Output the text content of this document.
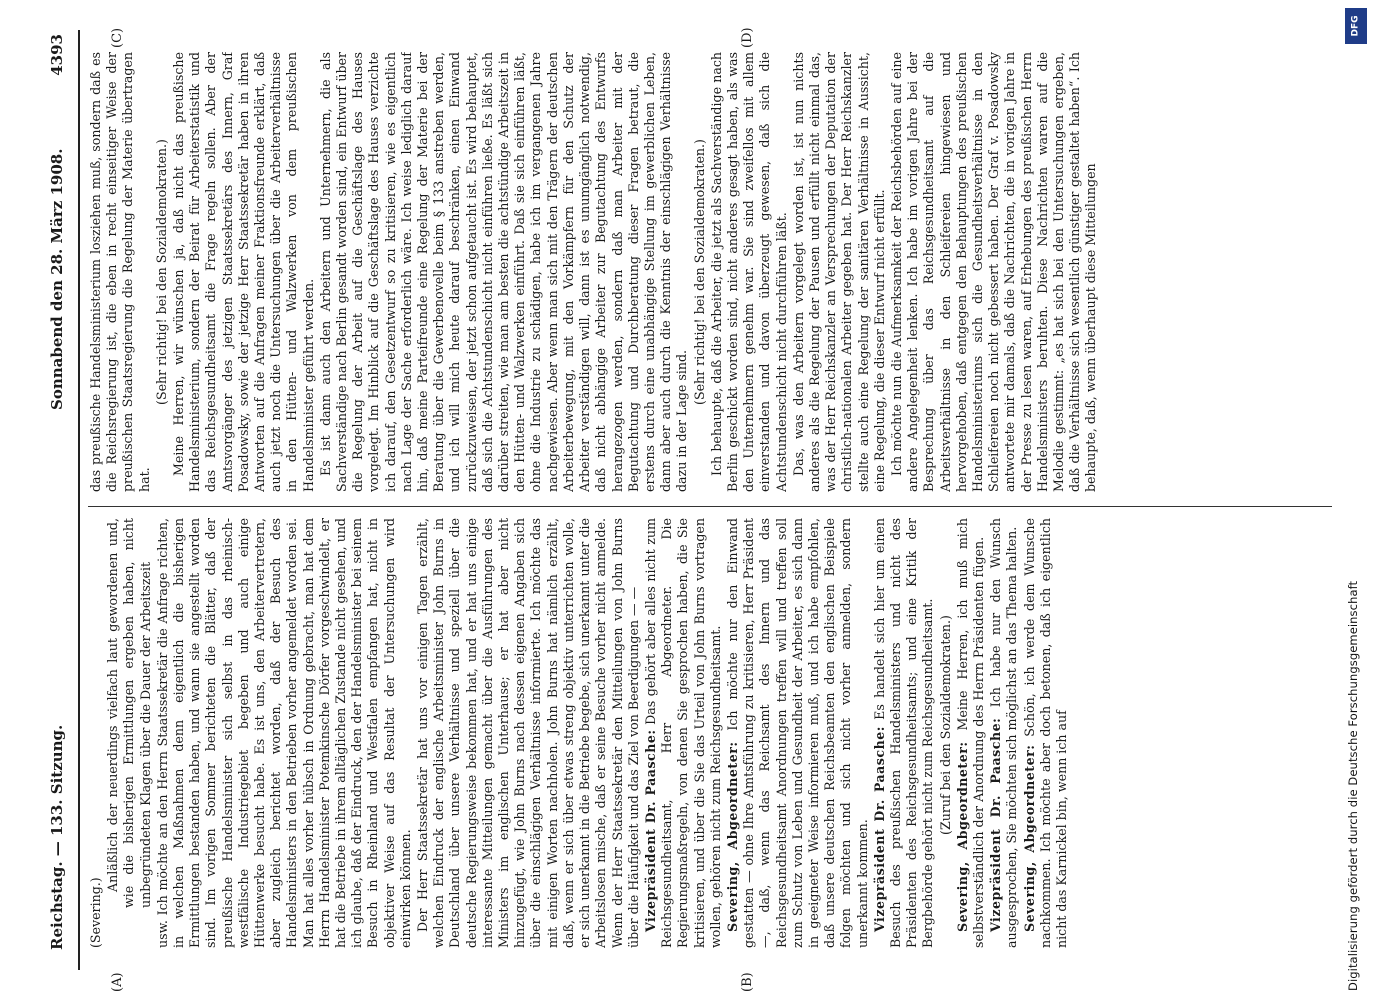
Reichstag. — 133. Sitzung.
Sonnabend den 28. März 1908.
4393
(A)	(B)
(C)	(D)

(Severing.)

Anläßlich der neuerdings vielfach laut gewordenen und, wie die bisherigen Ermittlungen ergeben haben, nicht unbegründeten Klagen über die Dauer der Arbeitszeit usw. Ich möchte an den Herrn Staatssekretär die Anfrage richten, in welchen Maßnahmen denn eigentlich die bisherigen Ermittlungen bestanden haben, und wann sie angestellt worden sind. Im vorigen Sommer berichteten die Blätter, daß der preußische Handelsminister sich selbst in das rheinisch-westfälische Industriegebiet begeben und auch einige Hüttenwerke besucht habe. Es ist uns, den Arbeitervertretern, aber zugleich berichtet worden, daß der Besuch des Handelsministers in den Betrieben vorher angemeldet worden sei. Man hat alles vorher hübsch in Ordnung gebracht, man hat dem Herrn Handelsminister Potemkinsche Dörfer vorgeschwindelt, er hat die Betriebe in ihrem alltäglichen Zustande nicht gesehen, und ich glaube, daß der Eindruck, den der Handelsminister bei seinem Besuch in Rheinland und Westfalen empfangen hat, nicht in objektiver Weise auf das Resultat der Untersuchungen wird einwirken können. Der Herr Staatssekretär hat uns vor einigen Tagen erzählt, welchen Eindruck der englische Arbeitsminister John Burns in Deutschland über unsere Verhältnisse und speziell über die deutsche Regierungsweise bekommen hat, und er hat uns einige interessante Mitteilungen gemacht über die Ausführungen des Ministers im englischen Unterhause; er hat aber nicht hinzugefügt, wie John Burns nach dessen eigenen Angaben sich über die einschlägigen Verhältnisse informierte. Ich möchte das mit einigen Worten nachholen. John Burns hat nämlich erzählt, daß, wenn er sich über etwas streng objektiv unterrichten wolle, er sich unerkannt in die Betriebe begebe, sich unerkannt unter die Arbeitslosen mische, daß er seine Besuche vorher nicht anmelde. Wenn der Herr Staatssekretär den Mitteilungen von John Burns über die Häufigkeit und das Ziel von Beerdigungen — — Vizepräsident Dr. Paasche: Das gehört aber alles nicht zum Reichsgesundheitsamt, Herr Abgeordneter. Die Regierungsmaßregeln, von denen Sie gesprochen haben, die Sie kritisieren, und über die Sie das Urteil von John Burns vortragen wollen, gehören nicht zum Reichsgesundheitsamt. Severing, Abgeordneter: Ich möchte nur den Einwand gestatten — ohne Ihre Amtsführung zu kritisieren, Herr Präsident —, daß, wenn das Reichsamt des Innern und das Reichsgesundheitsamt Anordnungen treffen will und treffen soll zum Schutz von Leben und Gesundheit der Arbeiter, es sich dann in geeigneter Weise informieren muß, und ich habe empfohlen, daß unsere deutschen Reichsbeamten den englischen Beispiele folgen möchten und sich nicht vorher anmelden, sondern unerkannt kommen. Vizepräsident Dr. Paasche: Es handelt sich hier um einen Besuch des preußischen Handelsministers und nicht des Präsidenten des Reichsgesundheitsamts; und eine Kritik der Bergbehörde gehört nicht zum Reichsgesundheitsamt. (Zuruf bei den Sozialdemokraten.)

Severing, Abgeordneter: Meine Herren, ich muß mich selbstverständlich der Anordnung des Herrn Präsidenten fügen. Vizepräsident Dr. Paasche: Ich habe nur den Wunsch ausgesprochen, Sie möchten sich möglichst an das Thema halten. Severing, Abgeordneter: Schön, ich werde dem Wunsche nachkommen. Ich möchte aber doch betonen, daß ich eigentlich nicht das Karnickel bin, wenn ich auf

das preußische Handelsministerium losziehen muß, sondern daß es die Reichsregierung ist, die eben in recht einseitiger Weise der preußischen Staatsregierung die Regelung der Materie übertragen hat.

(Sehr richtig! bei den Sozialdemokraten.) Meine Herren, wir wünschen ja, daß nicht das preußische Handelsministerium, sondern der Beirat für Arbeiterstatistik und das Reichsgesundheitsamt die Frage regeln sollen. Aber der Amtsvorgänger des jetzigen Staatssekretärs des Innern, Graf Posadowsky, sowie der jetzige Herr Staatssekretär haben in ihren Antworten auf die Anfragen meiner Fraktionsfreunde erklärt, daß auch jetzt noch die Untersuchungen über die Arbeiterverhältnisse in den Hütten- und Walzwerken von dem preußischen Handelsminister geführt werden. Es ist dann auch den Arbeitern und Unternehmern, die als Sachverständige nach Berlin gesandt worden sind, ein Entwurf über die Regelung der Arbeit auf die Geschäftslage des Hauses vorgelegt. Im Hinblick auf die Geschäftslage des Hauses verzichte ich darauf, den Gesetzentwurf so zu kritisieren, wie es eigentlich nach Lage der Sache erforderlich wäre. Ich weise lediglich darauf hin, daß meine Parteifreunde eine Regelung der Materie bei der Beratung über die Gewerbenovelle beim § 133 anstreben werden, und ich will mich heute darauf beschränken, einen Einwand zurückzuweisen, der jetzt schon aufgetaucht ist. Es wird behauptet, daß sich die Achtstundenschicht nicht einführen ließe. Es läßt sich darüber streiten, wie man am besten die achtstündige Arbeitszeit in den Hütten- und Walzwerken einführt. Daß sie sich einführen läßt, ohne die Industrie zu schädigen, habe ich im vergangenen Jahre nachgewiesen. Aber wenn man sich mit den Trägern der deutschen Arbeiterbewegung, mit den Vorkämpfern für den Schutz der Arbeiter verständigen will, dann ist es unumgänglich notwendig, daß nicht abhängige Arbeiter zur Begutachtung des Entwurfs herangezogen werden, sondern daß man Arbeiter mit der Begutachtung und Durchberatung dieser Fragen betraut, die erstens durch eine unabhängige Stellung im gewerblichen Leben, dann aber auch durch die Kenntnis der einschlägigen Verhältnisse dazu in der Lage sind.

(Sehr richtig! bei den Sozialdemokraten.) Ich behaupte, daß die Arbeiter, die jetzt als Sachverständige nach Berlin geschickt worden sind, nicht anderes gesagt haben, als was den Unternehmern genehm war. Sie sind zweifellos mit allem einverstanden und davon überzeugt gewesen, daß sich die Achtstundenschicht nicht durchführen läßt. Das, was den Arbeitern vorgelegt worden ist, ist nun nichts anderes als die Regelung der Pausen und erfüllt nicht einmal das, was der Herr Reichskanzler an Versprechungen der Deputation der christlich-nationalen Arbeiter gegeben hat. Der Herr Reichskanzler stellte auch eine Regelung der sanitären Verhältnisse in Aussicht, eine Regelung, die dieser Entwurf nicht erfüllt. Ich möchte nun die Aufmerksamkeit der Reichsbehörden auf eine andere Angelegenheit lenken. Ich habe im vorigen Jahre bei der Besprechung über das Reichsgesundheitsamt auf die Arbeitsverhältnisse in den Schleifereien hingewiesen und hervorgehoben, daß entgegen den Behauptungen des preußischen Handelsministeriums sich die Gesundheitsverhältnisse in den Schleifereien noch nicht gebessert haben. Der Graf v. Posadowsky antwortete mir damals, daß die Nachrichten, die in vorigen Jahre in der Presse zu lesen waren, auf Erhebungen des preußischen Herrn Handelsministers beruhten. Diese Nachrichten waren auf die Melodie gestimmt: „es hat sich bei den Untersuchungen ergeben, daß die Verhältnisse sich wesentlich günstiger gestaltet haben“. Ich behaupte, daß, wenn überhaupt diese Mitteilungen

DFG
Digitalisierung gefördert durch die Deutsche Forschungsgemeinschaft
